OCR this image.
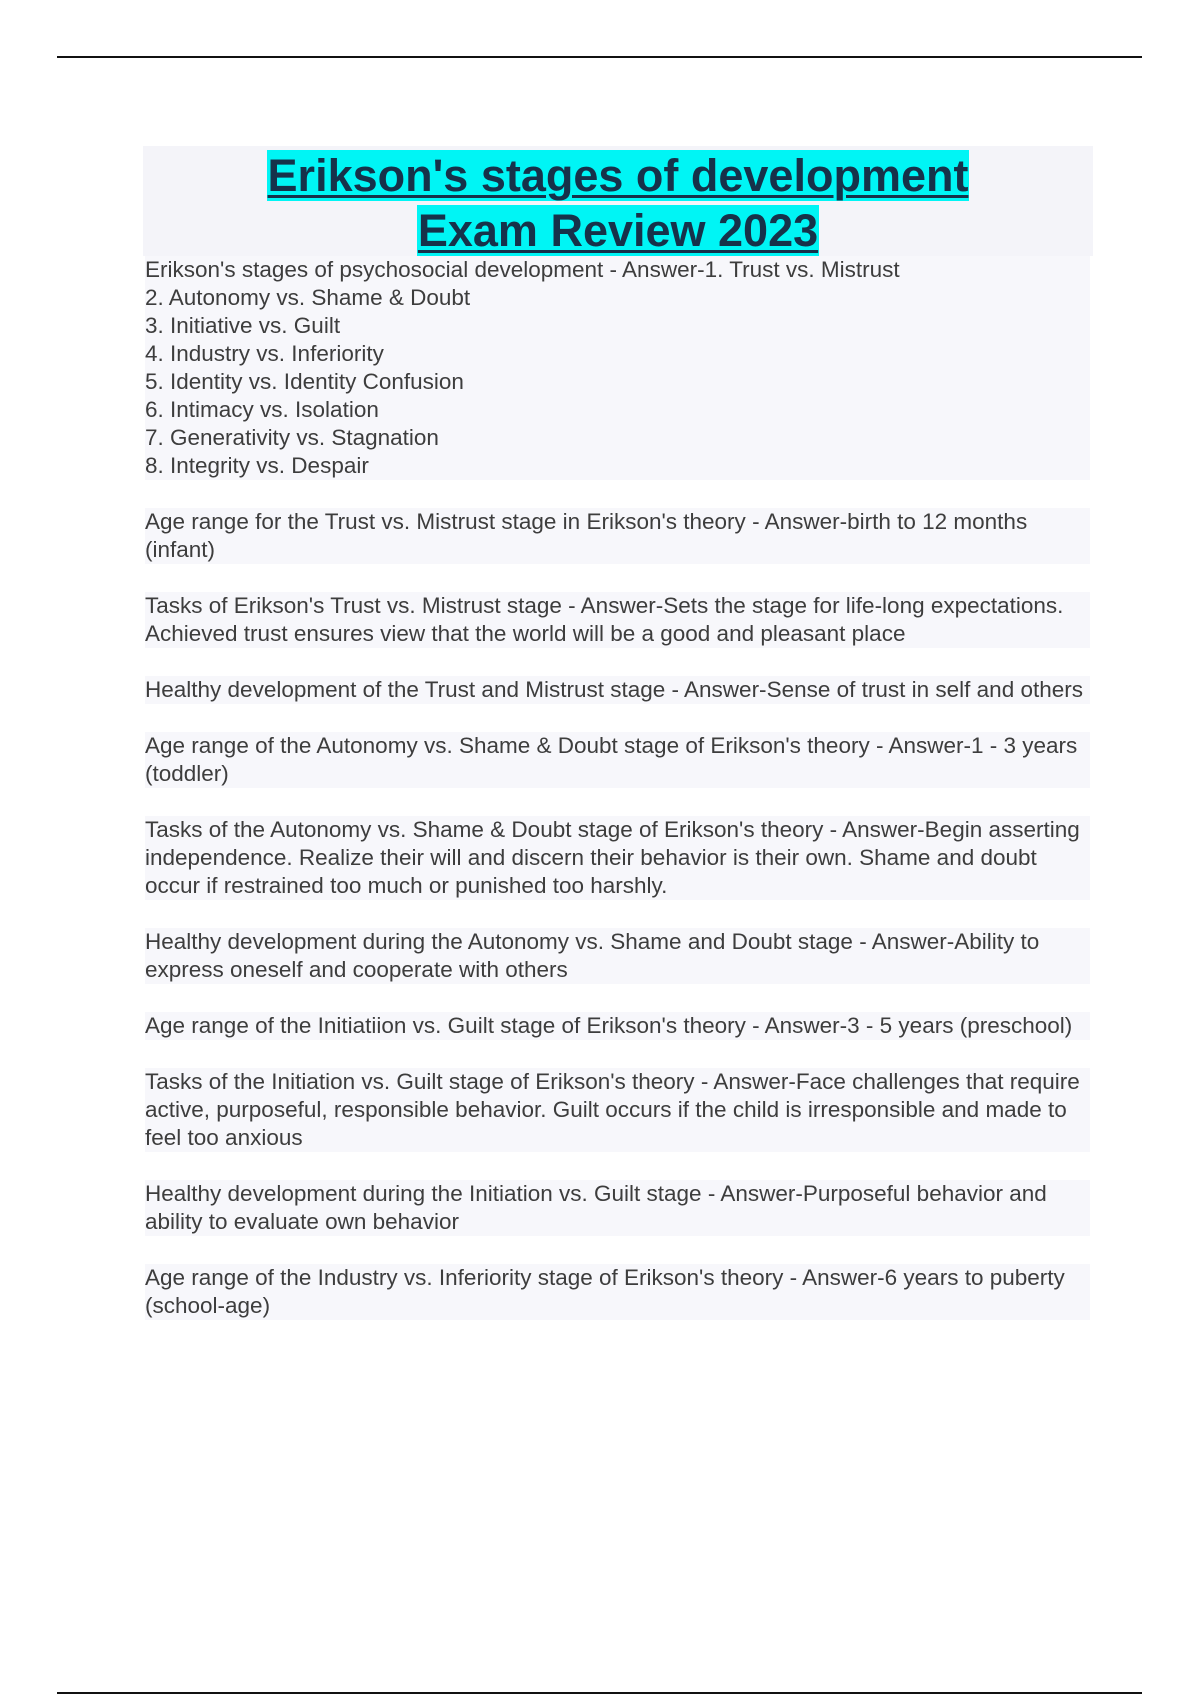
Erikson's stages of development
Exam Review 2023

Erikson's stages of psychosocial development - Answer-1. Trust vs. Mistrust
2. Autonomy vs. Shame & Doubt
3. Initiative vs. Guilt
4. Industry vs. Inferiority
5. Identity vs. Identity Confusion
6. Intimacy vs. Isolation
7. Generativity vs. Stagnation
8. Integrity vs. Despair

Age range for the Trust vs. Mistrust stage in Erikson's theory - Answer-birth to 12 months (infant)

Tasks of Erikson's Trust vs. Mistrust stage - Answer-Sets the stage for life-long expectations. Achieved trust ensures view that the world will be a good and pleasant place

Healthy development of the Trust and Mistrust stage - Answer-Sense of trust in self and others

Age range of the Autonomy vs. Shame & Doubt stage of Erikson's theory - Answer-1 - 3 years (toddler)

Tasks of the Autonomy vs. Shame & Doubt stage of Erikson's theory - Answer-Begin asserting independence. Realize their will and discern their behavior is their own. Shame and doubt occur if restrained too much or punished too harshly.

Healthy development during the Autonomy vs. Shame and Doubt stage - Answer-Ability to express oneself and cooperate with others

Age range of the Initiatiion vs. Guilt stage of Erikson's theory - Answer-3 - 5 years (preschool)

Tasks of the Initiation vs. Guilt stage of Erikson's theory - Answer-Face challenges that require active, purposeful, responsible behavior. Guilt occurs if the child is irresponsible and made to feel too anxious

Healthy development during the Initiation vs. Guilt stage - Answer-Purposeful behavior and ability to evaluate own behavior

Age range of the Industry vs. Inferiority stage of Erikson's theory - Answer-6 years to puberty (school-age)
